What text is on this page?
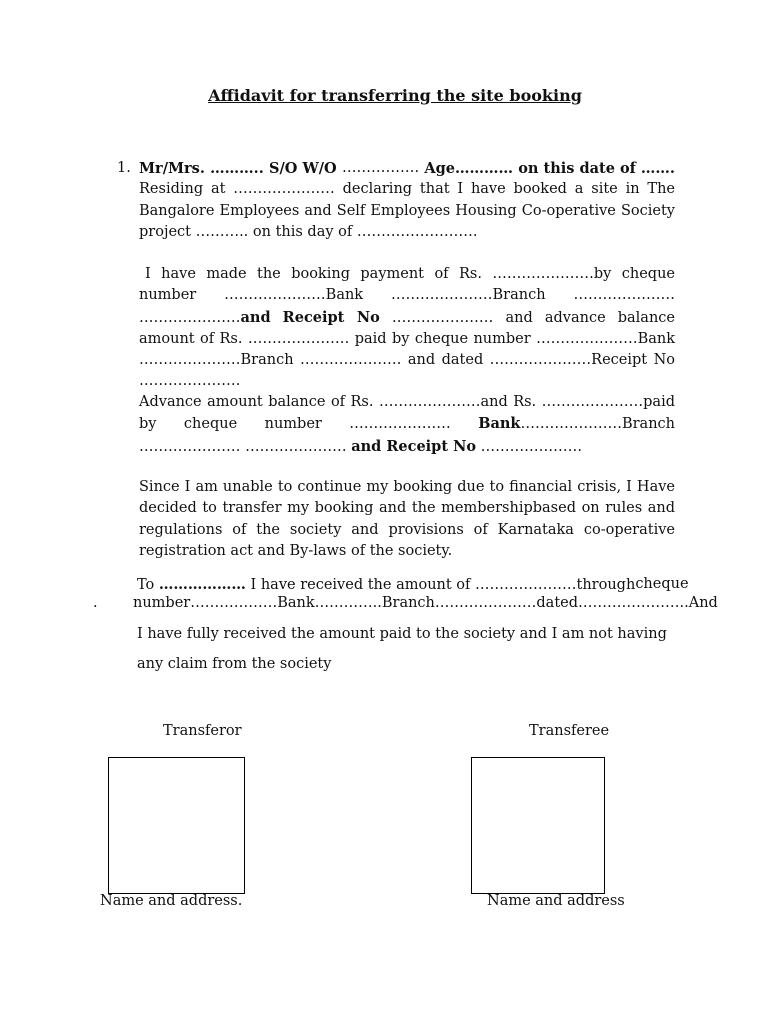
Affidavit for transferring the site booking
1. Mr/Mrs. ……….. S/O W/O ……………. Age………… on this date of …….
Residing at ………………… declaring that I have booked a site in The Bangalore Employees and Self Employees Housing Co-operative Society project ……….. on this day of …………………….
I have made the booking payment of Rs. …………………by cheque number …………………Bank …………………Branch ………………… …………………and Receipt No ………………… and advance balance amount of Rs. ………………… paid by cheque number …………………Bank …………………Branch ………………… and dated …………………Receipt No …………………
Advance amount balance of Rs. …………………and Rs. …………………paid by cheque number ………………… Bank…………………Branch ………………… ………………… and Receipt No …………………
Since I am unable to continue my booking due to financial crisis, I Have decided to transfer my booking and the membershipbased on rules and regulations of the society and provisions of Karnataka co-operative registration act and By-laws of the society.
To ……………… I have received the amount of …………………through cheque
. number………………Bank…………..Branch…………………dated………………….. And
I have fully received the amount paid to the society and I am not having
any claim from the society
Transferor	Transferee
Name and address.	Name and address
